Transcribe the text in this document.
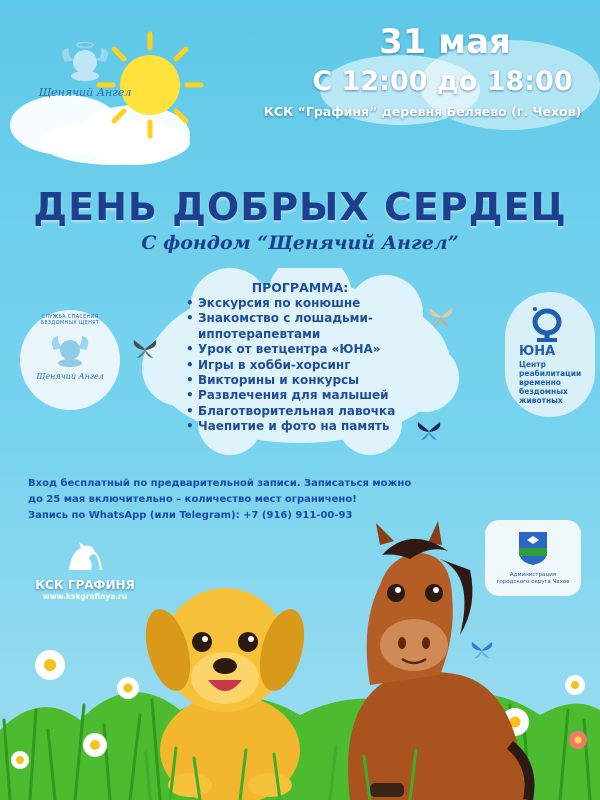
Щенячий Ангел
31 мая
С 12:00 до 18:00
КСК “Графиня” деревня Беляево (г. Чехов)
ДЕНЬ ДОБРЫХ СЕРДЕЦ
С фондом “Щенячий Ангел”
ПРОГРАММА:
• Экскурсия по конюшне
• Знакомство с лошадьми-
иппотерапевтами
• Урок от ветцентра «ЮНА»
• Игры в хобби-хорсинг
• Викторины и конкурсы
• Развлечения для малышей
• Благотворительная лавочка
• Чаепитие и фото на память
СЛУЖБА СПАСЕНИЯ БЕЗДОМНЫХ ЩЕНЯТ
Щенячий Ангел
ЮНА
Центр реабилитации временно бездомных животных
Вход бесплатный по предварительной записи. Записаться можно
до 25 мая включительно – количество мест ограничено!
Запись по WhatsApp (или Telegram): +7 (916) 911-00-93
КСК ГРАФИНЯ
www.kskgrafinya.ru
Администрация городского округа Чехов
